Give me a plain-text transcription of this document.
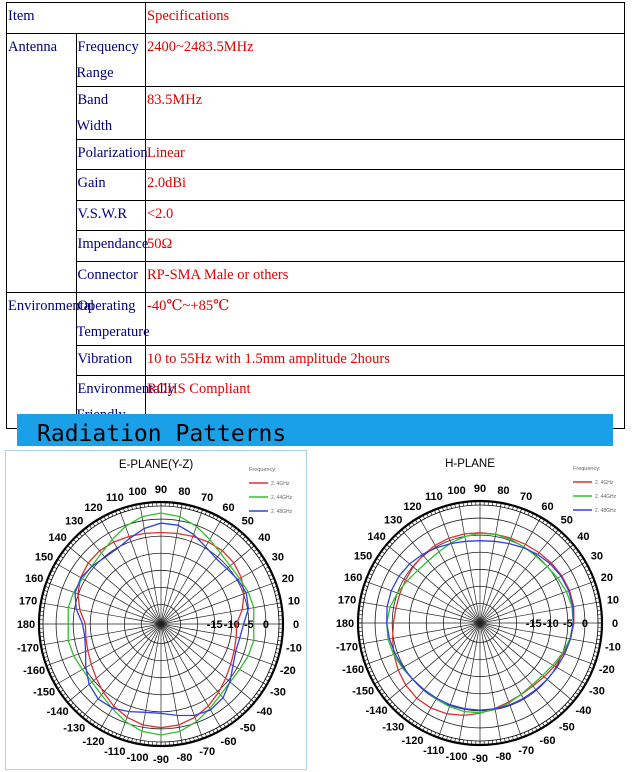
Item		Specifications
Antenna	Frequency Range	2400~2483.5MHz
	Band Width	83.5MHz
	Polarization	Linear
	Gain	2.0dBi
	V.S.W.R	<2.0
	Impendance	50Ω
	Connector	RP-SMA Male or others
Environmental	Operating Temperature	-40℃~+85℃
	Vibration	10 to 55Hz with 1.5mm amplitude 2hours
	Environmentally	ROHS Compliant
Radiation Patterns
E-PLANE(Y-Z)
0
10
20
30
40
50
60
70
80
90
100
110
120
130
140
150
160
170
180
-170
-160
-150
-140
-130
-120
-110
-100 -90 -80
-70
-60
-50
-40
-30
-20
-10
-15 -10 -5 0
Frequency:
2. 4GHz
2. 44GHz
2. 48GHz
H-PLANE
0
10
20
30
40
50
60
70
80
90
100
110
120
130
140
150
160
170
180
-170
-160
-150
-140
-130
-120
-110
-100 -90 -80
-70
-60
-50
-40
-30
-20
-10
-15 -10 -5 0
Frequency:
2. 4GHz
2. 44GHz
2. 48GHz
